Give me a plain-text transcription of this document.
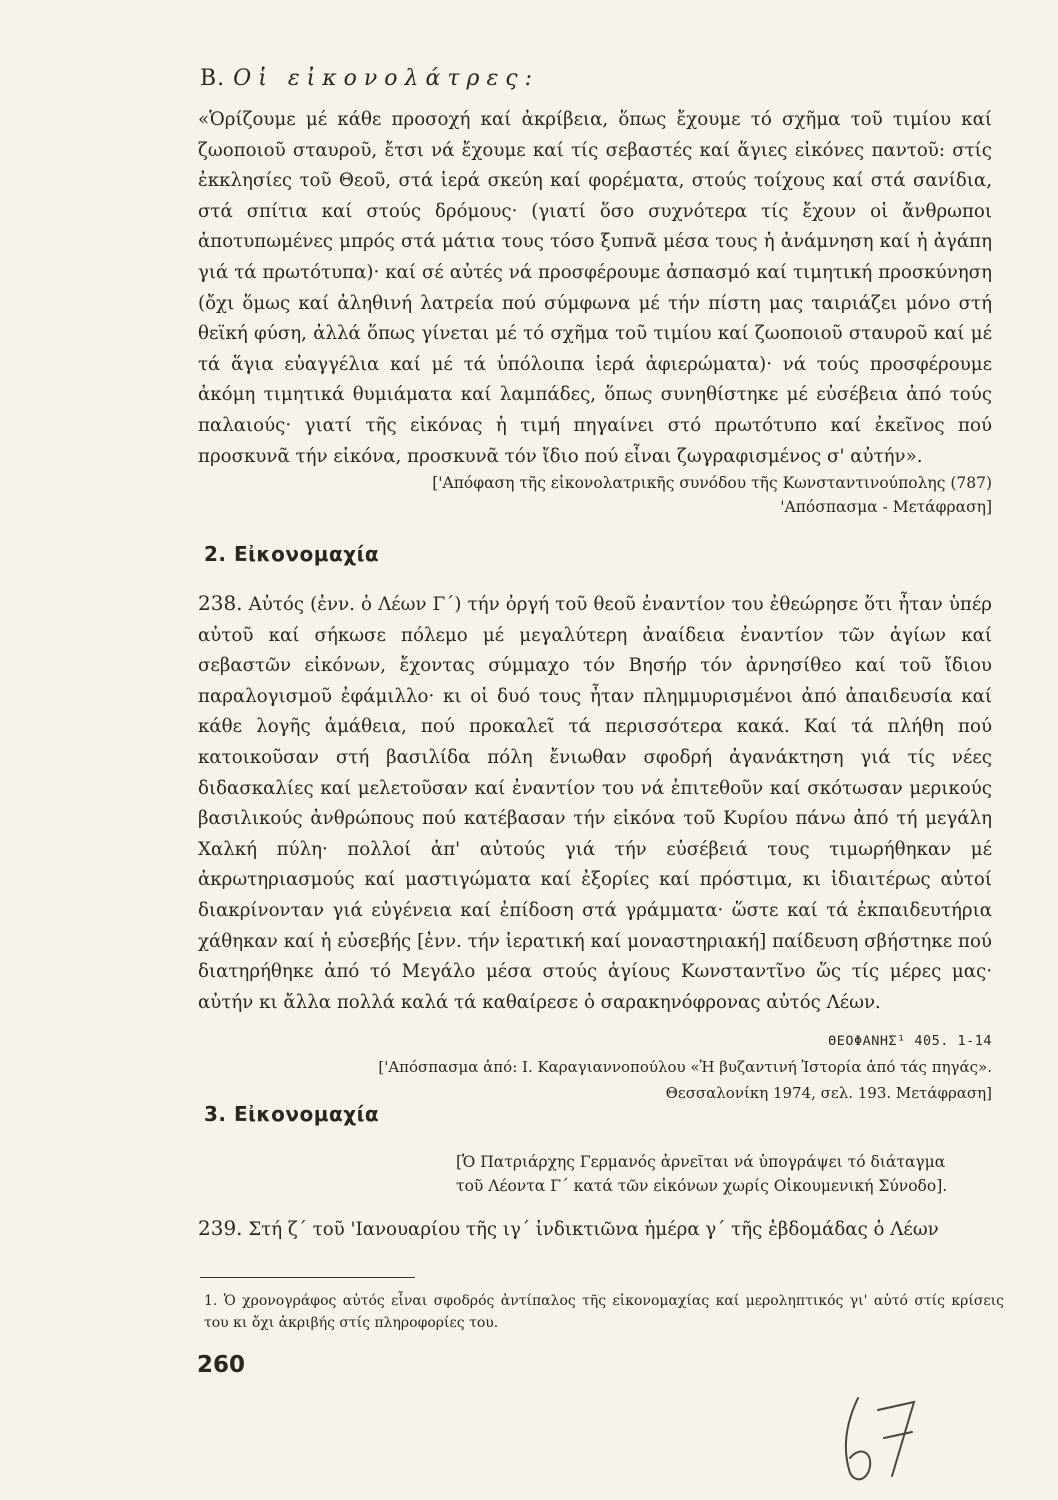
Β. Οἱ εἰκονολάτρες:
«Ὁρίζουμε μέ κάθε προσοχή καί ἀκρίβεια, ὅπως ἔχουμε τό σχῆμα τοῦ τιμίου καί ζωοποιοῦ σταυροῦ, ἔτσι νά ἔχουμε καί τίς σεβαστές καί ἅγιες εἰκόνες παντοῦ: στίς ἐκκλησίες τοῦ Θεοῦ, στά ἱερά σκεύη καί φορέματα, στούς τοίχους καί στά σανίδια, στά σπίτια καί στούς δρόμους· (γιατί ὅσο συχνότερα τίς ἔχουν οἱ ἄνθρωποι ἀποτυπωμένες μπρός στά μάτια τους τόσο ξυπνᾶ μέσα τους ἡ ἀνάμνηση καί ἡ ἀγάπη γιά τά πρωτότυπα)· καί σέ αὐτές νά προσφέρουμε ἀσπασμό καί τιμητική προσκύνηση (ὄχι ὅμως καί ἀληθινή λατρεία πού σύμφωνα μέ τήν πίστη μας ταιριάζει μόνο στή θεϊκή φύση, ἀλλά ὅπως γίνεται μέ τό σχῆμα τοῦ τιμίου καί ζωοποιοῦ σταυροῦ καί μέ τά ἅγια εὐαγγέλια καί μέ τά ὑπόλοιπα ἱερά ἀφιερώματα)· νά τούς προσφέρουμε ἀκόμη τιμητικά θυμιάματα καί λαμπάδες, ὅπως συνηθίστηκε μέ εὐσέβεια ἀπό τούς παλαιούς· γιατί τῆς εἰκόνας ἡ τιμή πηγαίνει στό πρωτότυπο καί ἐκεῖνος πού προσκυνᾶ τήν εἰκόνα, προσκυνᾶ τόν ἴδιο πού εἶναι ζωγραφισμένος σ' αὐτήν».
['Απόφαση τῆς εἰκονολατρικῆς συνόδου τῆς Κωνσταντινούπολης (787)
'Απόσπασμα - Μετάφραση]
2. Εἰκονομαχία
238. Αὐτός (ἐνν. ὁ Λέων Γ΄) τήν ὀργή τοῦ θεοῦ ἐναντίον του ἐθεώρησε ὅτι ἦταν ὑπέρ αὐτοῦ καί σήκωσε πόλεμο μέ μεγαλύτερη ἀναίδεια ἐναντίον τῶν ἁγίων καί σεβαστῶν εἰκόνων, ἔχοντας σύμμαχο τόν Βησήρ τόν ἀρνησίθεο καί τοῦ ἴδιου παραλογισμοῦ ἐφάμιλλο· κι οἱ δυό τους ἦταν πλημμυρισμένοι ἀπό ἀπαιδευσία καί κάθε λογῆς ἀμάθεια, πού προκαλεῖ τά περισσότερα κακά. Καί τά πλήθη πού κατοικοῦσαν στή βασιλίδα πόλη ἔνιωθαν σφοδρή ἀγανάκτηση γιά τίς νέες διδασκαλίες καί μελετοῦσαν καί ἐναντίον του νά ἐπιτεθοῦν καί σκότωσαν μερικούς βασιλικούς ἀνθρώπους πού κατέβασαν τήν εἰκόνα τοῦ Κυρίου πάνω ἀπό τή μεγάλη Χαλκή πύλη· πολλοί ἀπ' αὐτούς γιά τήν εὐσέβειά τους τιμωρήθηκαν μέ ἀκρωτηριασμούς καί μαστιγώματα καί ἐξορίες καί πρόστιμα, κι ἰδιαιτέρως αὐτοί διακρίνονταν γιά εὐγένεια καί ἐπίδοση στά γράμματα· ὥστε καί τά ἐκπαιδευτήρια χάθηκαν καί ἡ εὐσεβής [ἐνν. τήν ἱερατική καί μοναστηριακή] παίδευση σβήστηκε πού διατηρήθηκε ἀπό τό Μεγάλο μέσα στούς ἁγίους Κωνσταντῖνο ὥς τίς μέρες μας· αὐτήν κι ἄλλα πολλά καλά τά καθαίρεσε ὁ σαρακηνόφρονας αὐτός Λέων.
ΘΕΟΦΑΝΗΣ¹ 405. 1-14
['Απόσπασμα ἀπό: Ι. Καραγιαννοπούλου «Ἡ βυζαντινή Ἱστορία ἀπό τάς πηγάς».
Θεσσαλονίκη 1974, σελ. 193. Μετάφραση]
3. Εἰκονομαχία
[Ὁ Πατριάρχης Γερμανός ἀρνεῖται νά ὑπογράψει τό διάταγμα
τοῦ Λέοντα Γ΄ κατά τῶν εἰκόνων χωρίς Οἰκουμενική Σύνοδο].
239. Στή ζ΄ τοῦ 'Ιανουαρίου τῆς ιγ΄ ἰνδικτιῶνα ἡμέρα γ΄ τῆς ἑβδομάδας ὁ Λέων
1. Ὁ χρονογράφος αὐτός εἶναι σφοδρός ἀντίπαλος τῆς εἰκονομαχίας καί μεροληπτικός γι' αὐτό στίς κρίσεις του κι ὄχι ἀκριβής στίς πληροφορίες του.
260
